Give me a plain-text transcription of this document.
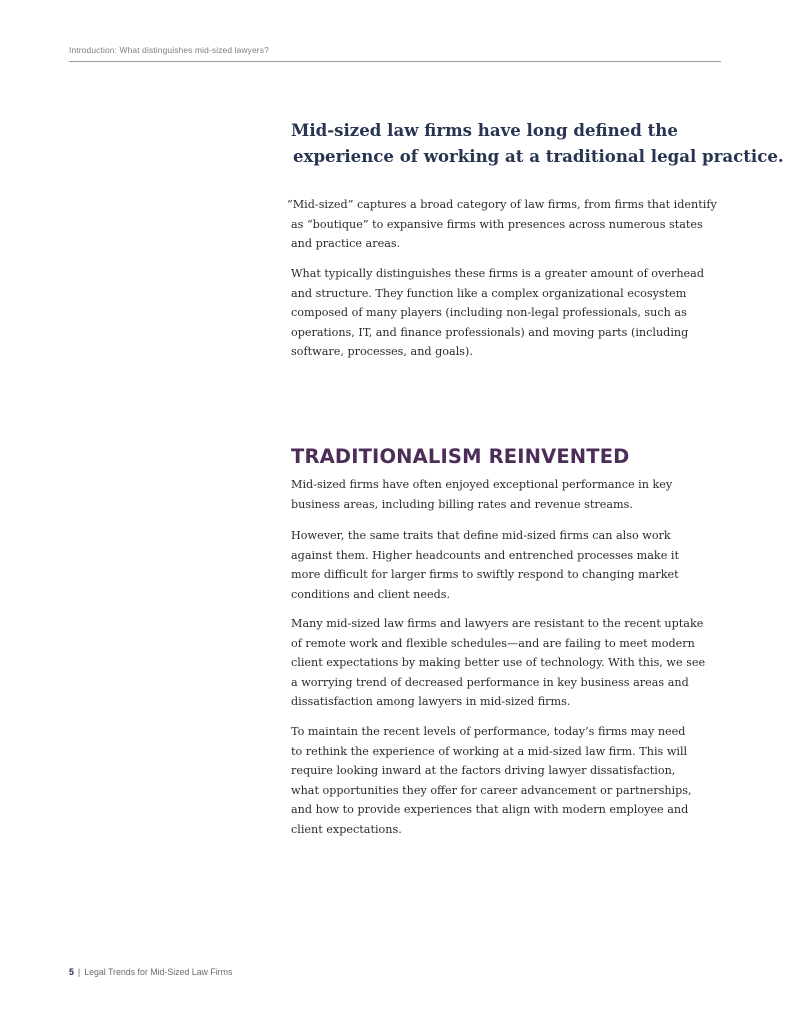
Introduction: What distinguishes mid-sized lawyers?
Mid-sized law firms have long defined the
experience of working at a traditional legal practice.
“Mid-sized” captures a broad category of law firms, from firms that identify
as “boutique” to expansive firms with presences across numerous states
and practice areas.
What typically distinguishes these firms is a greater amount of overhead
and structure. They function like a complex organizational ecosystem
composed of many players (including non-legal professionals, such as
operations, IT, and finance professionals) and moving parts (including
software, processes, and goals).
TRADITIONALISM REINVENTED
Mid-sized firms have often enjoyed exceptional performance in key
business areas, including billing rates and revenue streams.
However, the same traits that define mid-sized firms can also work
against them. Higher headcounts and entrenched processes make it
more difficult for larger firms to swiftly respond to changing market
conditions and client needs.
Many mid-sized law firms and lawyers are resistant to the recent uptake
of remote work and flexible schedules—and are failing to meet modern
client expectations by making better use of technology. With this, we see
a worrying trend of decreased performance in key business areas and
dissatisfaction among lawyers in mid-sized firms.
To maintain the recent levels of performance, today’s firms may need
to rethink the experience of working at a mid-sized law firm. This will
require looking inward at the factors driving lawyer dissatisfaction,
what opportunities they offer for career advancement or partnerships,
and how to provide experiences that align with modern employee and
client expectations.
5 | Legal Trends for Mid-Sized Law Firms
